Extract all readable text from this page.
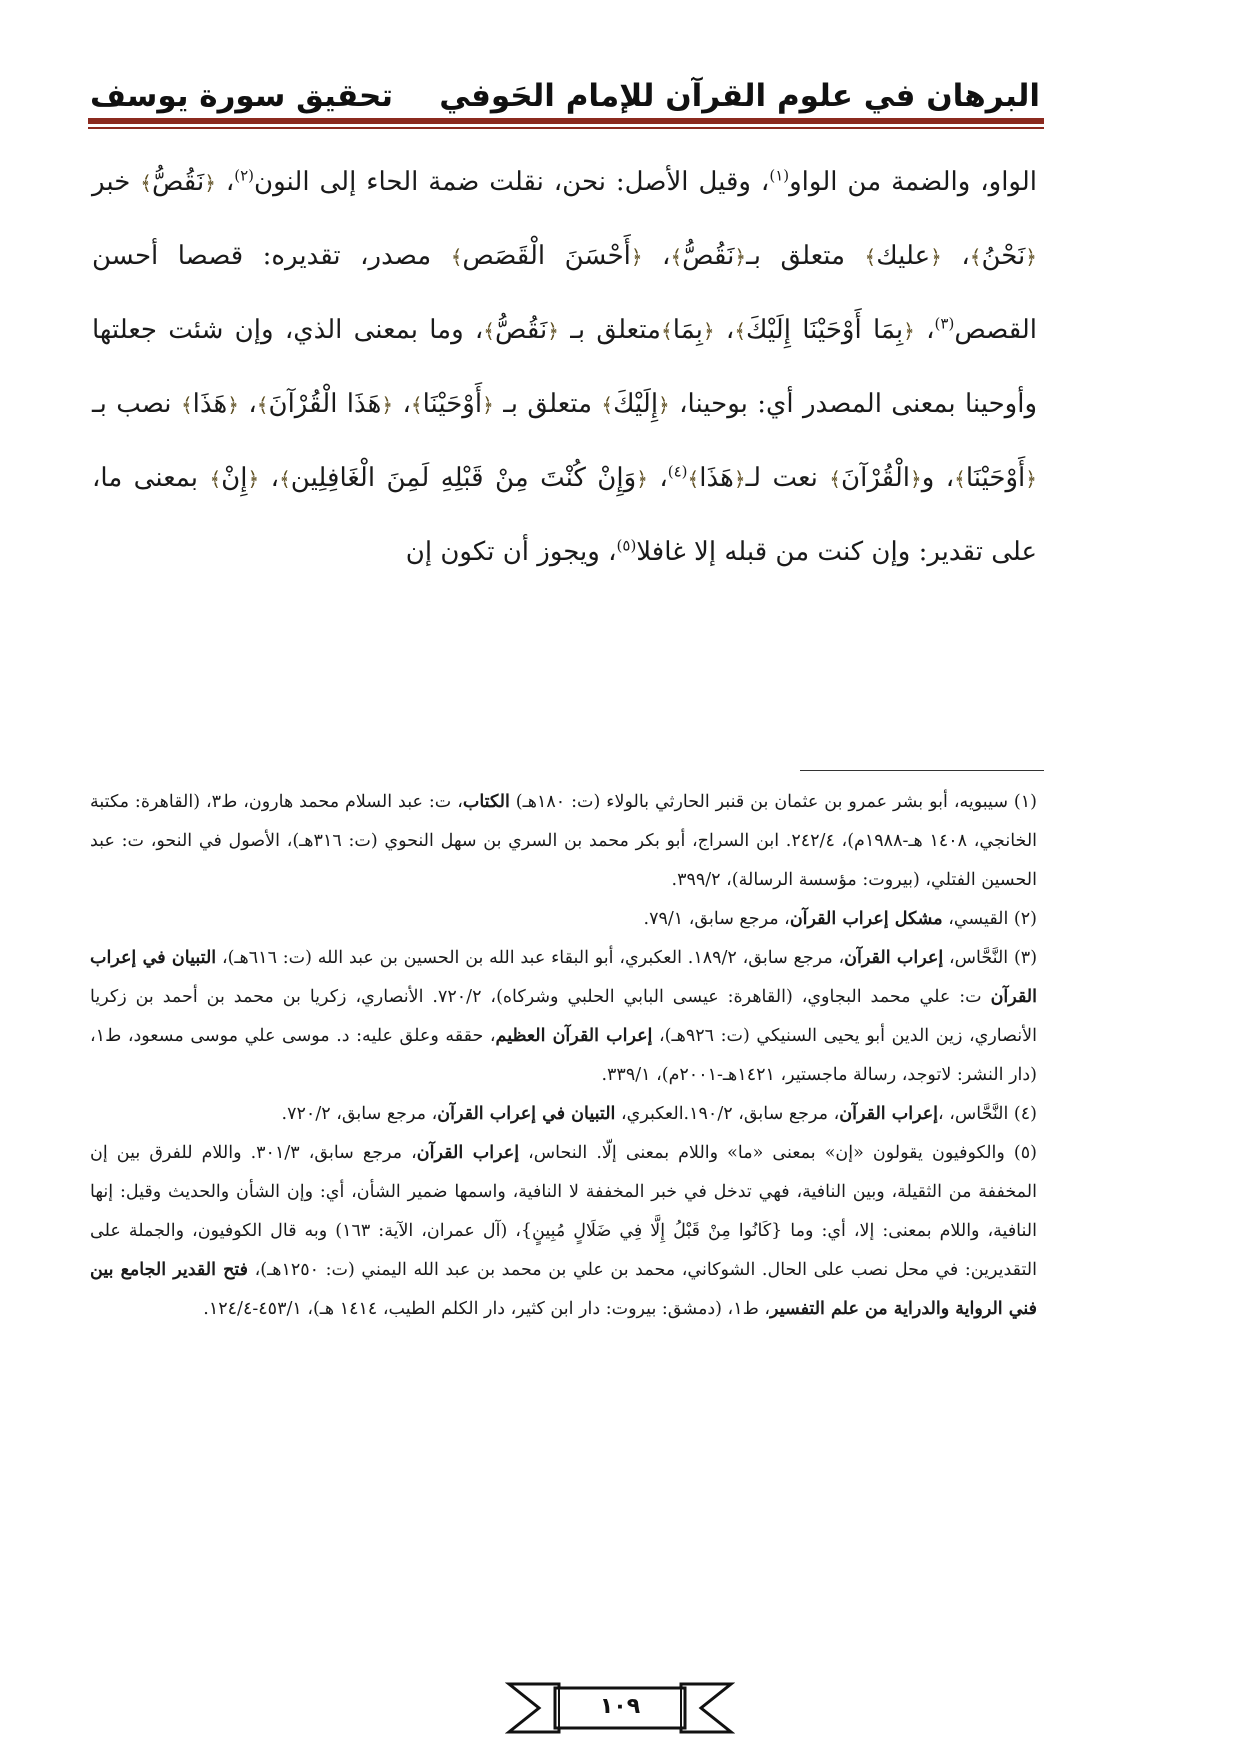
البرهان في علوم القرآن للإمام الحَوفي
تحقيق سورة يوسف
الواو، والضمة من الواو$^{(١)}$، وقيل الأصل: نحن، نقلت ضمة الحاء إلى النون$^{(٢)}$، ﴿نَقُصُّ﴾ خبر ﴿نَحْنُ﴾، ﴿عليك﴾ متعلق بـ﴿نَقُصُّ﴾، ﴿أَحْسَنَ الْقَصَص﴾ مصدر، تقديره: قصصا أحسن القصص$^{(٣)}$، ﴿بِمَا أَوْحَيْنَا إِلَيْكَ﴾، ﴿بِمَا﴾متعلق بـ ﴿نَقُصُّ﴾، وما بمعنى الذي، وإن شئت جعلتها وأوحينا بمعنى المصدر أي: بوحينا، ﴿إِلَيْكَ﴾ متعلق بـ ﴿أَوْحَيْنَا﴾، ﴿هَذَا الْقُرْآنَ﴾، ﴿هَذَا﴾ نصب بـ ﴿أَوْحَيْنَا﴾، و﴿الْقُرْآنَ﴾ نعت لـ﴿هَذَا﴾$^{(٤)}$، ﴿وَإِنْ كُنْتَ مِنْ قَبْلِهِ لَمِنَ الْغَافِلِين﴾، ﴿إِنْ﴾ بمعنى ما، على تقدير: وإن كنت من قبله إلا غافلا$^{(٥)}$، ويجوز أن تكون إن

(١) سيبويه، أبو بشر عمرو بن عثمان بن قنبر الحارثي بالولاء (ت: ١٨٠هـ) الكتاب، ت: عبد السلام محمد هارون، ط٣، (القاهرة: مكتبة الخانجي، ١٤٠٨ هـ-١٩٨٨م)، ٢٤٢/٤. ابن السراج، أبو بكر محمد بن السري بن سهل النحوي (ت: ٣١٦هـ)، الأصول في النحو، ت: عبد الحسين الفتلي، (بيروت: مؤسسة الرسالة)، ٣٩٩/٢.

(٢) القيسي، مشكل إعراب القرآن، مرجع سابق، ٧٩/١.

(٣) النَّحَّاس، إعراب القرآن، مرجع سابق، ١٨٩/٢. العكبري، أبو البقاء عبد الله بن الحسين بن عبد الله (ت: ٦١٦هـ)، التبيان في إعراب القرآن ت: علي محمد البجاوي، (القاهرة: عيسى البابي الحلبي وشركاه)، ٧٢٠/٢. الأنصاري، زكريا بن محمد بن أحمد بن زكريا الأنصاري، زين الدين أبو يحيى السنيكي (ت: ٩٢٦هـ)، إعراب القرآن العظيم، حققه وعلق عليه: د. موسى علي موسى مسعود، ط١، (دار النشر: لاتوجد، رسالة ماجستير، ١٤٢١هـ-٢٠٠١م)، ٣٣٩/١.

(٤) النَّحَّاس، ،إعراب القرآن، مرجع سابق، ١٩٠/٢.العكبري، التبيان في إعراب القرآن، مرجع سابق، ٧٢٠/٢.

(٥) والكوفيون يقولون «إن» بمعنى «ما» واللام بمعنى إلّا. النحاس، إعراب القرآن، مرجع سابق، ٣٠١/٣. واللام للفرق بين إن المخففة من الثقيلة، وبين النافية، فهي تدخل في خبر المخففة لا النافية، واسمها ضمير الشأن، أي: وإن الشأن والحديث وقيل: إنها النافية، واللام بمعنى: إلا، أي: وما {كَانُوا مِنْ قَبْلُ إِلَّا فِي ضَلَالٍ مُبِينٍ}، (آل عمران، الآية: ١٦٣) وبه قال الكوفيون، والجملة على التقديرين: في محل نصب على الحال. الشوكاني، محمد بن علي بن محمد بن عبد الله اليمني (ت: ١٢٥٠هـ)، فتح القدير الجامع بين فني الرواية والدراية من علم التفسير، ط١، (دمشق: بيروت: دار ابن كثير، دار الكلم الطيب، ١٤١٤ هـ)، ٤٥٣/١-١٢٤/٤.

١٠٩
